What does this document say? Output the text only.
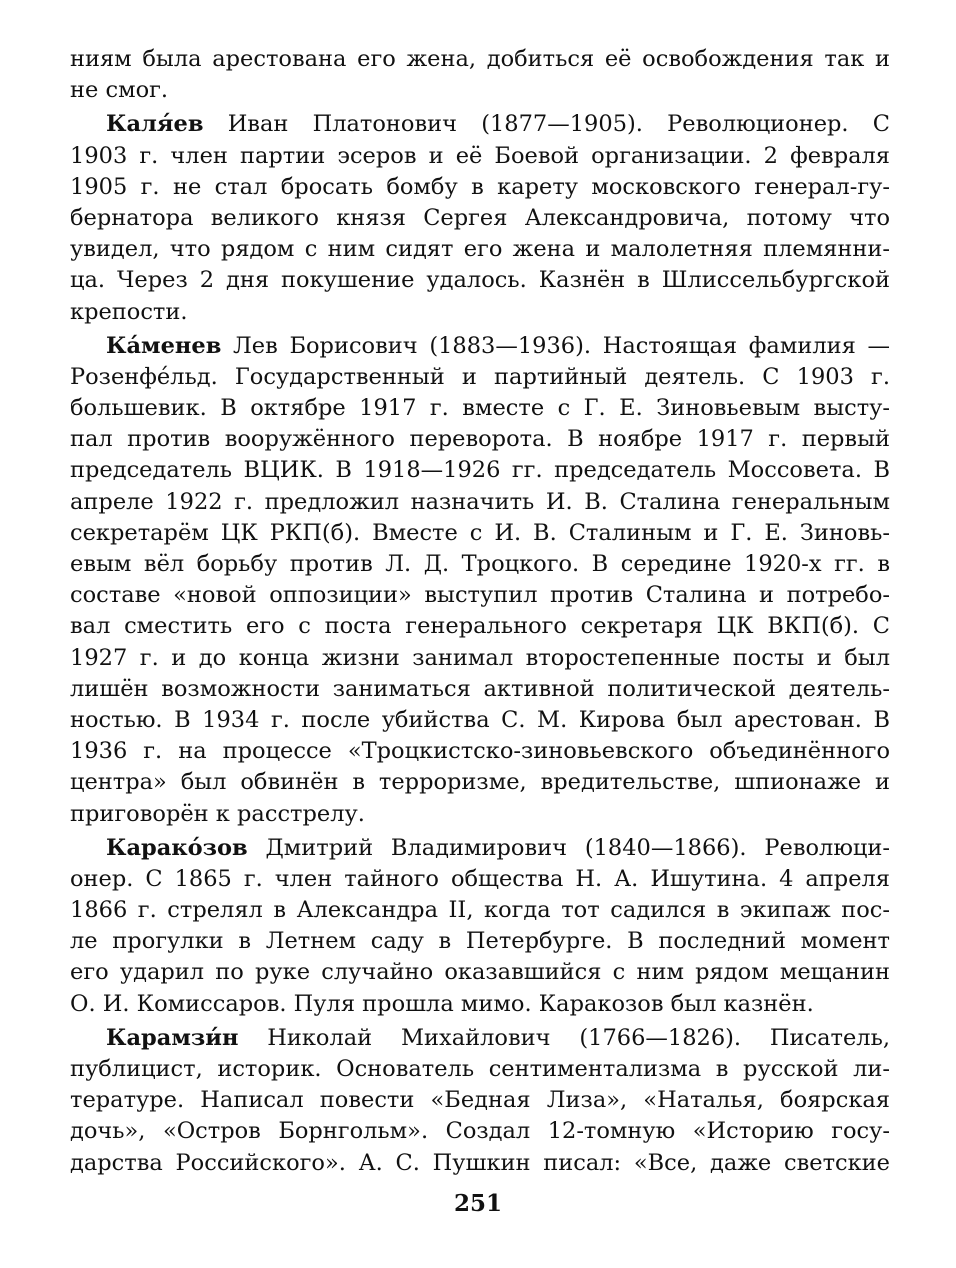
ниям была арестована его жена, добиться её освобождения так и
не смог.
Каля́ев Иван Платонович (1877—1905). Революционер. С
1903 г. член партии эсеров и её Боевой организации. 2 февраля
1905 г. не стал бросать бомбу в карету московского генерал-гу-
бернатора великого князя Сергея Александровича, потому что
увидел, что рядом с ним сидят его жена и малолетняя племянни-
ца. Через 2 дня покушение удалось. Казнён в Шлиссельбургской
крепости.
Ка́менев Лев Борисович (1883—1936). Настоящая фамилия —
Розенфе́льд. Государственный и партийный деятель. С 1903 г.
большевик. В октябре 1917 г. вместе с Г. Е. Зиновьевым высту-
пал против вооружённого переворота. В ноябре 1917 г. первый
председатель ВЦИК. В 1918—1926 гг. председатель Моссовета. В
апреле 1922 г. предложил назначить И. В. Сталина генеральным
секретарём ЦК РКП(б). Вместе с И. В. Сталиным и Г. Е. Зиновь-
евым вёл борьбу против Л. Д. Троцкого. В середине 1920-х гг. в
составе «новой оппозиции» выступил против Сталина и потребо-
вал сместить его с поста генерального секретаря ЦК ВКП(б). С
1927 г. и до конца жизни занимал второстепенные посты и был
лишён возможности заниматься активной политической деятель-
ностью. В 1934 г. после убийства С. М. Кирова был арестован. В
1936 г. на процессе «Троцкистско-зиновьевского объединённого
центра» был обвинён в терроризме, вредительстве, шпионаже и
приговорён к расстрелу.
Карако́зов Дмитрий Владимирович (1840—1866). Революци-
онер. С 1865 г. член тайного общества Н. А. Ишутина. 4 апреля
1866 г. стрелял в Александра II, когда тот садился в экипаж пос-
ле прогулки в Летнем саду в Петербурге. В последний момент
его ударил по руке случайно оказавшийся с ним рядом мещанин
О. И. Комиссаров. Пуля прошла мимо. Каракозов был казнён.
Карамзи́н Николай Михайлович (1766—1826). Писатель,
публицист, историк. Основатель сентиментализма в русской ли-
тературе. Написал повести «Бедная Лиза», «Наталья, боярская
дочь», «Остров Борнгольм». Создал 12-томную «Историю госу-
дарства Российского». А. С. Пушкин писал: «Все, даже светские
251
